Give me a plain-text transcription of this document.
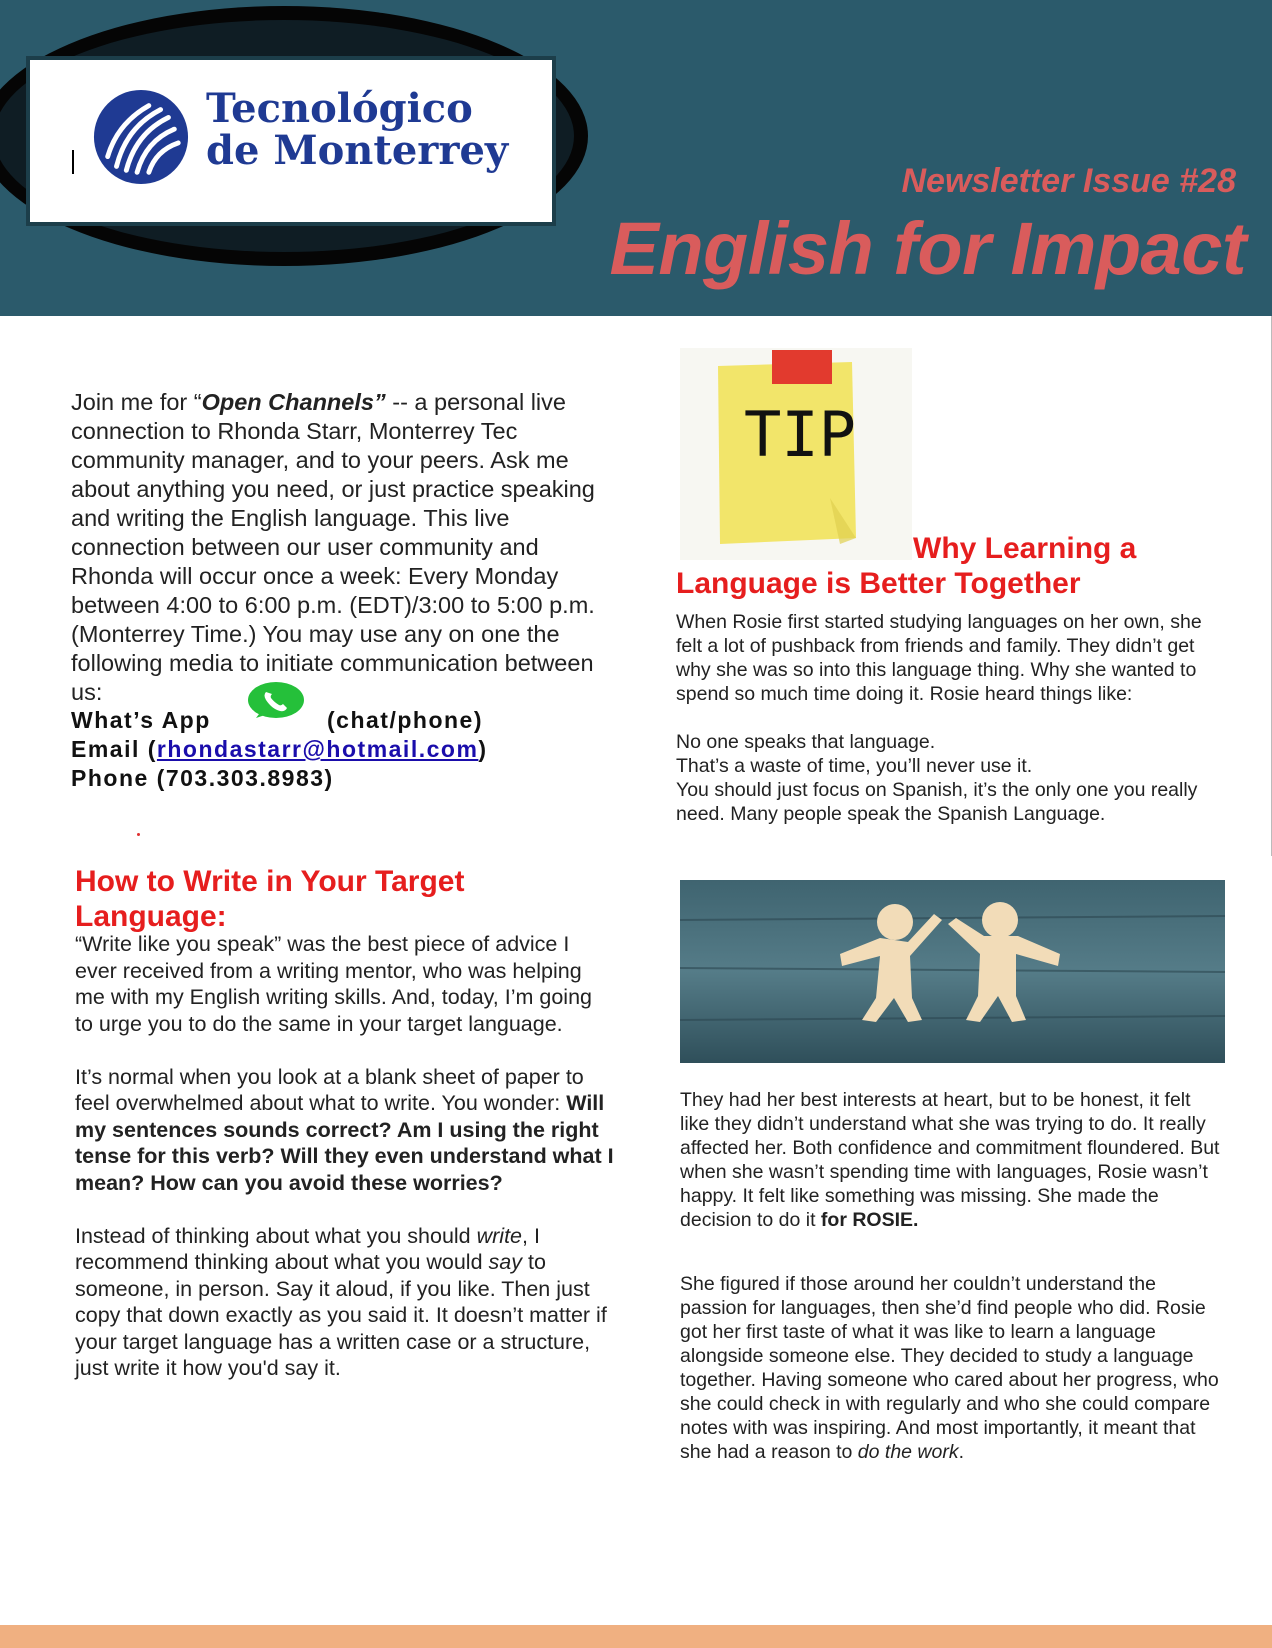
Tecnológico
de Monterrey
Newsletter Issue #28
English for Impact
Join me for “Open Channels” -- a personal live connection to Rhonda Starr, Monterrey Tec community manager, and to your peers. Ask me about anything you need, or just practice speaking and writing the English language. This live connection between our user community and Rhonda will occur once a week: Every Monday between 4:00 to 6:00 p.m. (EDT)/3:00 to 5:00 p.m. (Monterrey Time.) You may use any on one the following media to initiate communication between us:
What’s App	(chat/phone)
Email (rhondastarr@hotmail.com)
Phone (703.303.8983)
How to Write in Your Target Language:

“Write like you speak” was the best piece of advice I ever received from a writing mentor, who was helping me with my English writing skills. And, today, I’m going to urge you to do the same in your target language.

It’s normal when you look at a blank sheet of paper to feel overwhelmed about what to write. You wonder: Will my sentences sounds correct? Am I using the right tense for this verb? Will they even understand what I mean? How can you avoid these worries?

Instead of thinking about what you should write, I recommend thinking about what you would say to someone, in person. Say it aloud, if you like. Then just copy that down exactly as you said it. It doesn’t matter if your target language has a written case or a structure, just write it how you'd say it.

TIP
Why Learning a
Language is Better Together

When Rosie first started studying languages on her own, she felt a lot of pushback from friends and family. They didn’t get why she was so into this language thing. Why she wanted to spend so much time doing it. Rosie heard things like:

No one speaks that language.
That’s a waste of time, you’ll never use it.
You should just focus on Spanish, it’s the only one you really need. Many people speak the Spanish Language.

They had her best interests at heart, but to be honest, it felt like they didn’t understand what she was trying to do. It really affected her. Both confidence and commitment floundered. But when she wasn’t spending time with languages, Rosie wasn’t happy. It felt like something was missing. She made the decision to do it for ROSIE.

She figured if those around her couldn’t understand the passion for languages, then she’d find people who did. Rosie got her first taste of what it was like to learn a language alongside someone else. They decided to study a language together. Having someone who cared about her progress, who she could check in with regularly and who she could compare notes with was inspiring. And most importantly, it meant that she had a reason to do the work.
